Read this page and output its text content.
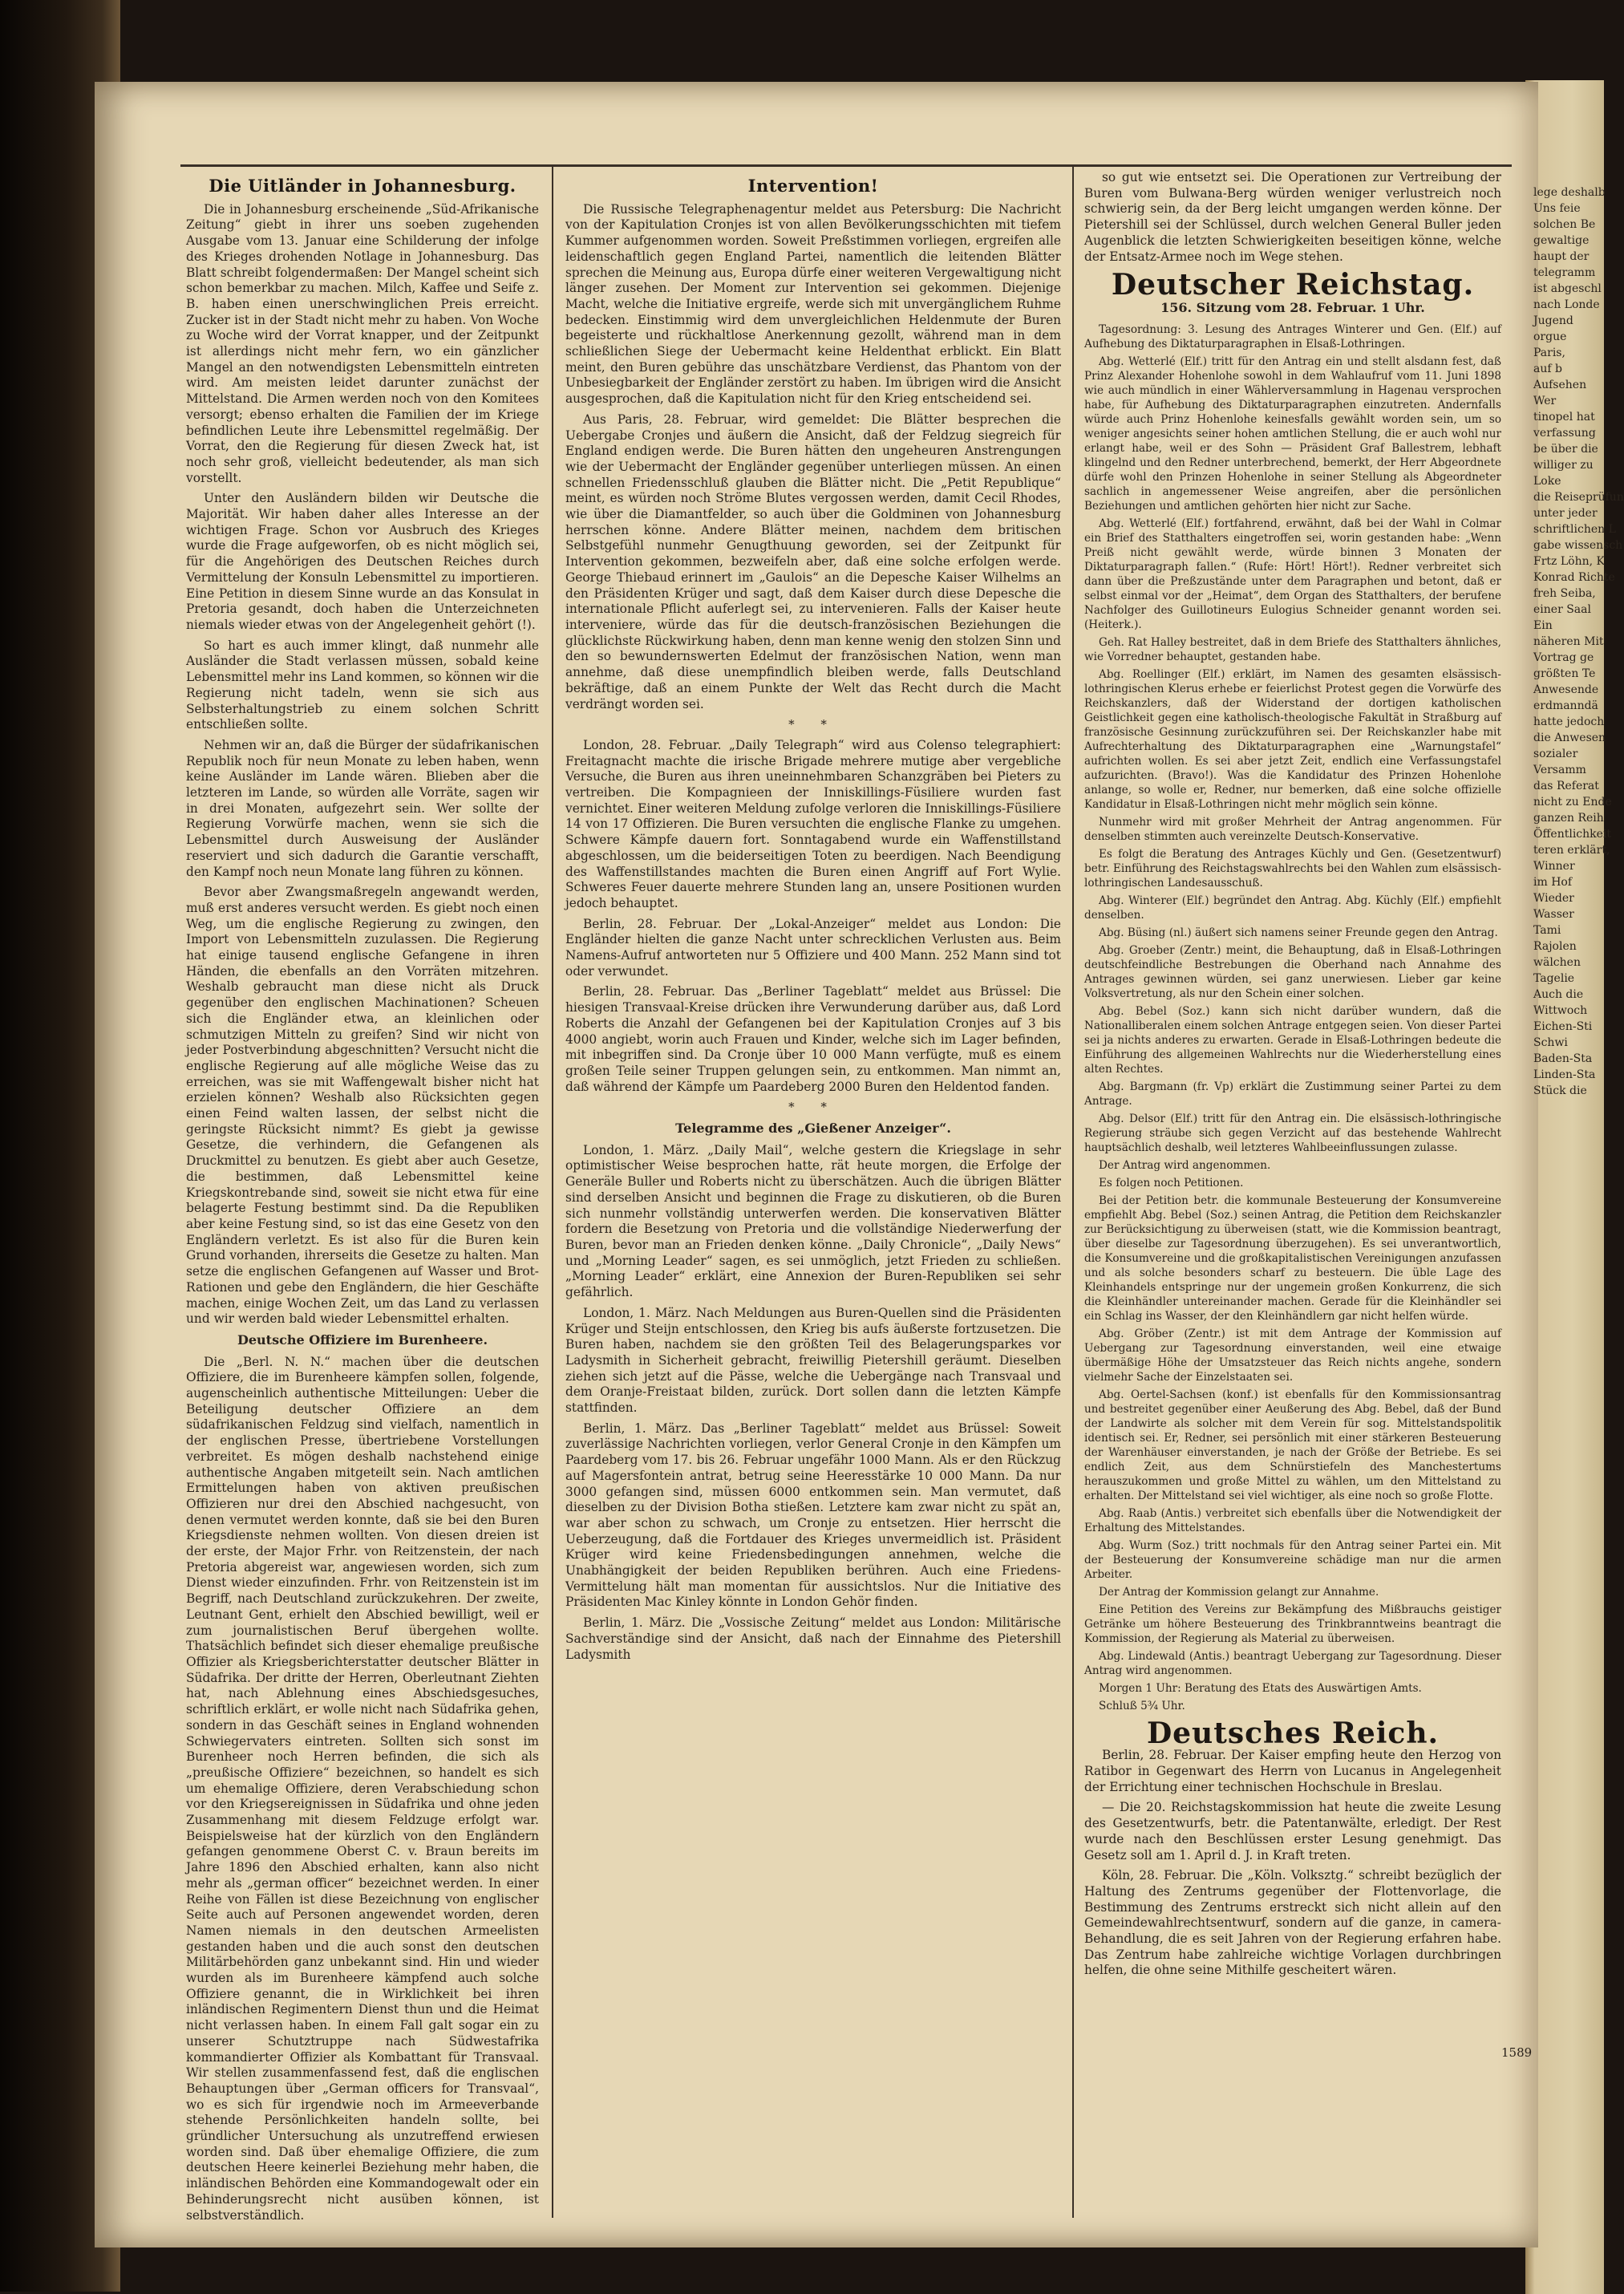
Die Uitländer in Johannesburg.

Die in Johannesburg erscheinende „Süd-Afrikanische Zeitung“ giebt in ihrer uns soeben zugehenden Ausgabe vom 13. Januar eine Schilderung der infolge des Krieges drohenden Notlage in Johannesburg. Das Blatt schreibt folgendermaßen: Der Mangel scheint sich schon bemerkbar zu machen. Milch, Kaffee und Seife z. B. haben einen unerschwinglichen Preis erreicht. Zucker ist in der Stadt nicht mehr zu haben. Von Woche zu Woche wird der Vorrat knapper, und der Zeitpunkt ist allerdings nicht mehr fern, wo ein gänzlicher Mangel an den notwendigsten Lebensmitteln eintreten wird. Am meisten leidet darunter zunächst der Mittelstand. Die Armen werden noch von den Komitees versorgt; ebenso erhalten die Familien der im Kriege befindlichen Leute ihre Lebensmittel regelmäßig. Der Vorrat, den die Regierung für diesen Zweck hat, ist noch sehr groß, vielleicht bedeutender, als man sich vorstellt.

Unter den Ausländern bilden wir Deutsche die Majorität. Wir haben daher alles Interesse an der wichtigen Frage. Schon vor Ausbruch des Krieges wurde die Frage aufgeworfen, ob es nicht möglich sei, für die Angehörigen des Deutschen Reiches durch Vermittelung der Konsuln Lebensmittel zu importieren. Eine Petition in diesem Sinne wurde an das Konsulat in Pretoria gesandt, doch haben die Unterzeichneten niemals wieder etwas von der Angelegenheit gehört (!).

So hart es auch immer klingt, daß nunmehr alle Ausländer die Stadt verlassen müssen, sobald keine Lebensmittel mehr ins Land kommen, so können wir die Regierung nicht tadeln, wenn sie sich aus Selbsterhaltungstrieb zu einem solchen Schritt entschließen sollte.

Nehmen wir an, daß die Bürger der südafrikanischen Republik noch für neun Monate zu leben haben, wenn keine Ausländer im Lande wären. Blieben aber die letzteren im Lande, so würden alle Vorräte, sagen wir in drei Monaten, aufgezehrt sein. Wer sollte der Regierung Vorwürfe machen, wenn sie sich die Lebensmittel durch Ausweisung der Ausländer reserviert und sich dadurch die Garantie verschafft, den Kampf noch neun Monate lang führen zu können.

Bevor aber Zwangsmaßregeln angewandt werden, muß erst anderes versucht werden. Es giebt noch einen Weg, um die englische Regierung zu zwingen, den Import von Lebensmitteln zuzulassen. Die Regierung hat einige tausend englische Gefangene in ihren Händen, die ebenfalls an den Vorräten mitzehren. Weshalb gebraucht man diese nicht als Druck gegenüber den englischen Machinationen? Scheuen sich die Engländer etwa, an kleinlichen oder schmutzigen Mitteln zu greifen? Sind wir nicht von jeder Postverbindung abgeschnitten? Versucht nicht die englische Regierung auf alle mögliche Weise das zu erreichen, was sie mit Waffengewalt bisher nicht hat erzielen können? Weshalb also Rücksichten gegen einen Feind walten lassen, der selbst nicht die geringste Rücksicht nimmt? Es giebt ja gewisse Gesetze, die verhindern, die Gefangenen als Druckmittel zu benutzen. Es giebt aber auch Gesetze, die bestimmen, daß Lebensmittel keine Kriegskontrebande sind, soweit sie nicht etwa für eine belagerte Festung bestimmt sind. Da die Republiken aber keine Festung sind, so ist das eine Gesetz von den Engländern verletzt. Es ist also für die Buren kein Grund vorhanden, ihrerseits die Gesetze zu halten. Man setze die englischen Gefangenen auf Wasser und Brot-Rationen und gebe den Engländern, die hier Geschäfte machen, einige Wochen Zeit, um das Land zu verlassen und wir werden bald wieder Lebensmittel erhalten.

Deutsche Offiziere im Burenheere.

Die „Berl. N. N.“ machen über die deutschen Offiziere, die im Burenheere kämpfen sollen, folgende, augenscheinlich authentische Mitteilungen: Ueber die Beteiligung deutscher Offiziere an dem südafrikanischen Feldzug sind vielfach, namentlich in der englischen Presse, übertriebene Vorstellungen verbreitet. Es mögen deshalb nachstehend einige authentische Angaben mitgeteilt sein. Nach amtlichen Ermittelungen haben von aktiven preußischen Offizieren nur drei den Abschied nachgesucht, von denen vermutet werden konnte, daß sie bei den Buren Kriegsdienste nehmen wollten. Von diesen dreien ist der erste, der Major Frhr. von Reitzenstein, der nach Pretoria abgereist war, angewiesen worden, sich zum Dienst wieder einzufinden. Frhr. von Reitzenstein ist im Begriff, nach Deutschland zurückzukehren. Der zweite, Leutnant Gent, erhielt den Abschied bewilligt, weil er zum journalistischen Beruf übergehen wollte. Thatsächlich befindet sich dieser ehemalige preußische Offizier als Kriegsberichterstatter deutscher Blätter in Südafrika. Der dritte der Herren, Oberleutnant Ziehten hat, nach Ablehnung eines Abschiedsgesuches, schriftlich erklärt, er wolle nicht nach Südafrika gehen, sondern in das Geschäft seines in England wohnenden Schwiegervaters eintreten. Sollten sich sonst im Burenheer noch Herren befinden, die sich als „preußische Offiziere“ bezeichnen, so handelt es sich um ehemalige Offiziere, deren Verabschiedung schon vor den Kriegsereignissen in Südafrika und ohne jeden Zusammenhang mit diesem Feldzuge erfolgt war. Beispielsweise hat der kürzlich von den Engländern gefangen genommene Oberst C. v. Braun bereits im Jahre 1896 den Abschied erhalten, kann also nicht mehr als „german officer“ bezeichnet werden. In einer Reihe von Fällen ist diese Bezeichnung von englischer Seite auch auf Personen angewendet worden, deren Namen niemals in den deutschen Armeelisten gestanden haben und die auch sonst den deutschen Militärbehörden ganz unbekannt sind. Hin und wieder wurden als im Burenheere kämpfend auch solche Offiziere genannt, die in Wirklichkeit bei ihren inländischen Regimentern Dienst thun und die Heimat nicht verlassen haben. In einem Fall galt sogar ein zu unserer Schutztruppe nach Südwestafrika kommandierter Offizier als Kombattant für Transvaal. Wir stellen zusammenfassend fest, daß die englischen Behauptungen über „German officers for Transvaal“, wo es sich für irgendwie noch im Armeeverbande stehende Persönlichkeiten handeln sollte, bei gründlicher Untersuchung als unzutreffend erwiesen worden sind. Daß über ehemalige Offiziere, die zum deutschen Heere keinerlei Beziehung mehr haben, die inländischen Behörden eine Kommandogewalt oder ein Behinderungsrecht nicht ausüben können, ist selbstverständlich.

Intervention!

Die Russische Telegraphenagentur meldet aus Petersburg: Die Nachricht von der Kapitulation Cronjes ist von allen Bevölkerungsschichten mit tiefem Kummer aufgenommen worden. Soweit Preßstimmen vorliegen, ergreifen alle leidenschaftlich gegen England Partei, namentlich die leitenden Blätter sprechen die Meinung aus, Europa dürfe einer weiteren Vergewaltigung nicht länger zusehen. Der Moment zur Intervention sei gekommen. Diejenige Macht, welche die Initiative ergreife, werde sich mit unvergänglichem Ruhme bedecken. Einstimmig wird dem unvergleichlichen Heldenmute der Buren begeisterte und rückhaltlose Anerkennung gezollt, während man in dem schließlichen Siege der Uebermacht keine Heldenthat erblickt. Ein Blatt meint, den Buren gebühre das unschätzbare Verdienst, das Phantom von der Unbesiegbarkeit der Engländer zerstört zu haben. Im übrigen wird die Ansicht ausgesprochen, daß die Kapitulation nicht für den Krieg entscheidend sei.

Aus Paris, 28. Februar, wird gemeldet: Die Blätter besprechen die Uebergabe Cronjes und äußern die Ansicht, daß der Feldzug siegreich für England endigen werde. Die Buren hätten den ungeheuren Anstrengungen wie der Uebermacht der Engländer gegenüber unterliegen müssen. An einen schnellen Friedensschluß glauben die Blätter nicht. Die „Petit Republique“ meint, es würden noch Ströme Blutes vergossen werden, damit Cecil Rhodes, wie über die Diamantfelder, so auch über die Goldminen von Johannesburg herrschen könne. Andere Blätter meinen, nachdem dem britischen Selbstgefühl nunmehr Genugthuung geworden, sei der Zeitpunkt für Intervention gekommen, bezweifeln aber, daß eine solche erfolgen werde. George Thiebaud erinnert im „Gaulois“ an die Depesche Kaiser Wilhelms an den Präsidenten Krüger und sagt, daß dem Kaiser durch diese Depesche die internationale Pflicht auferlegt sei, zu intervenieren. Falls der Kaiser heute interveniere, würde das für die deutsch-französischen Beziehungen die glücklichste Rückwirkung haben, denn man kenne wenig den stolzen Sinn und den so bewundernswerten Edelmut der französischen Nation, wenn man annehme, daß diese unempfindlich bleiben werde, falls Deutschland bekräftige, daß an einem Punkte der Welt das Recht durch die Macht verdrängt worden sei.

* *

London, 28. Februar. „Daily Telegraph“ wird aus Colenso telegraphiert: Freitagnacht machte die irische Brigade mehrere mutige aber vergebliche Versuche, die Buren aus ihren uneinnehmbaren Schanzgräben bei Pieters zu vertreiben. Die Kompagnieen der Inniskillings-Füsiliere wurden fast vernichtet. Einer weiteren Meldung zufolge verloren die Inniskillings-Füsiliere 14 von 17 Offizieren. Die Buren versuchten die englische Flanke zu umgehen. Schwere Kämpfe dauern fort. Sonntagabend wurde ein Waffenstillstand abgeschlossen, um die beiderseitigen Toten zu beerdigen. Nach Beendigung des Waffenstillstandes machten die Buren einen Angriff auf Fort Wylie. Schweres Feuer dauerte mehrere Stunden lang an, unsere Positionen wurden jedoch behauptet.

Berlin, 28. Februar. Der „Lokal-Anzeiger“ meldet aus London: Die Engländer hielten die ganze Nacht unter schrecklichen Verlusten aus. Beim Namens-Aufruf antworteten nur 5 Offiziere und 400 Mann. 252 Mann sind tot oder verwundet.

Berlin, 28. Februar. Das „Berliner Tageblatt“ meldet aus Brüssel: Die hiesigen Transvaal-Kreise drücken ihre Verwunderung darüber aus, daß Lord Roberts die Anzahl der Gefangenen bei der Kapitulation Cronjes auf 3 bis 4000 angiebt, worin auch Frauen und Kinder, welche sich im Lager befinden, mit inbegriffen sind. Da Cronje über 10 000 Mann verfügte, muß es einem großen Teile seiner Truppen gelungen sein, zu entkommen. Man nimmt an, daß während der Kämpfe um Paardeberg 2000 Buren den Heldentod fanden.

* *
Telegramme des „Gießener Anzeiger“.

London, 1. März. „Daily Mail“, welche gestern die Kriegslage in sehr optimistischer Weise besprochen hatte, rät heute morgen, die Erfolge der Generäle Buller und Roberts nicht zu überschätzen. Auch die übrigen Blätter sind derselben Ansicht und beginnen die Frage zu diskutieren, ob die Buren sich nunmehr vollständig unterwerfen werden. Die konservativen Blätter fordern die Besetzung von Pretoria und die vollständige Niederwerfung der Buren, bevor man an Frieden denken könne. „Daily Chronicle“, „Daily News“ und „Morning Leader“ sagen, es sei unmöglich, jetzt Frieden zu schließen. „Morning Leader“ erklärt, eine Annexion der Buren-Republiken sei sehr gefährlich.

London, 1. März. Nach Meldungen aus Buren-Quellen sind die Präsidenten Krüger und Steijn entschlossen, den Krieg bis aufs äußerste fortzusetzen. Die Buren haben, nachdem sie den größten Teil des Belagerungsparkes vor Ladysmith in Sicherheit gebracht, freiwillig Pietershill geräumt. Dieselben ziehen sich jetzt auf die Pässe, welche die Uebergänge nach Transvaal und dem Oranje-Freistaat bilden, zurück. Dort sollen dann die letzten Kämpfe stattfinden.

Berlin, 1. März. Das „Berliner Tageblatt“ meldet aus Brüssel: Soweit zuverlässige Nachrichten vorliegen, verlor General Cronje in den Kämpfen um Paardeberg vom 17. bis 26. Februar ungefähr 1000 Mann. Als er den Rückzug auf Magersfontein antrat, betrug seine Heeresstärke 10 000 Mann. Da nur 3000 gefangen sind, müssen 6000 entkommen sein. Man vermutet, daß dieselben zu der Division Botha stießen. Letztere kam zwar nicht zu spät an, war aber schon zu schwach, um Cronje zu entsetzen. Hier herrscht die Ueberzeugung, daß die Fortdauer des Krieges unvermeidlich ist. Präsident Krüger wird keine Friedensbedingungen annehmen, welche die Unabhängigkeit der beiden Republiken berühren. Auch eine Friedens-Vermittelung hält man momentan für aussichtslos. Nur die Initiative des Präsidenten Mac Kinley könnte in London Gehör finden.

Berlin, 1. März. Die „Vossische Zeitung“ meldet aus London: Militärische Sachverständige sind der Ansicht, daß nach der Einnahme des Pietershill Ladysmith

so gut wie entsetzt sei. Die Operationen zur Vertreibung der Buren vom Bulwana-Berg würden weniger verlustreich noch schwierig sein, da der Berg leicht umgangen werden könne. Der Pietershill sei der Schlüssel, durch welchen General Buller jeden Augenblick die letzten Schwierigkeiten beseitigen könne, welche der Entsatz-Armee noch im Wege stehen.

Deutscher Reichstag.
156. Sitzung vom 28. Februar. 1 Uhr.

Tagesordnung: 3. Lesung des Antrages Winterer und Gen. (Elf.) auf Aufhebung des Diktaturparagraphen in Elsaß-Lothringen.

Abg. Wetterlé (Elf.) tritt für den Antrag ein und stellt alsdann fest, daß Prinz Alexander Hohenlohe sowohl in dem Wahlaufruf vom 11. Juni 1898 wie auch mündlich in einer Wählerversammlung in Hagenau versprochen habe, für Aufhebung des Diktaturparagraphen einzutreten. Andernfalls würde auch Prinz Hohenlohe keinesfalls gewählt worden sein, um so weniger angesichts seiner hohen amtlichen Stellung, die er auch wohl nur erlangt habe, weil er des Sohn — Präsident Graf Ballestrem, lebhaft klingelnd und den Redner unterbrechend, bemerkt, der Herr Abgeordnete dürfe wohl den Prinzen Hohenlohe in seiner Stellung als Abgeordneter sachlich in angemessener Weise angreifen, aber die persönlichen Beziehungen und amtlichen gehörten hier nicht zur Sache.

Abg. Wetterlé (Elf.) fortfahrend, erwähnt, daß bei der Wahl in Colmar ein Brief des Statthalters eingetroffen sei, worin gestanden habe: „Wenn Preiß nicht gewählt werde, würde binnen 3 Monaten der Diktaturparagraph fallen.“ (Rufe: Hört! Hört!). Redner verbreitet sich dann über die Preßzustände unter dem Paragraphen und betont, daß er selbst einmal vor der „Heimat“, dem Organ des Statthalters, der berufene Nachfolger des Guillotineurs Eulogius Schneider genannt worden sei. (Heiterk.).

Geh. Rat Halley bestreitet, daß in dem Briefe des Statthalters ähnliches, wie Vorredner behauptet, gestanden habe.

Abg. Roellinger (Elf.) erklärt, im Namen des gesamten elsässisch-lothringischen Klerus erhebe er feierlichst Protest gegen die Vorwürfe des Reichskanzlers, daß der Widerstand der dortigen katholischen Geistlichkeit gegen eine katholisch-theologische Fakultät in Straßburg auf französische Gesinnung zurückzuführen sei. Der Reichskanzler habe mit Aufrechterhaltung des Diktaturparagraphen eine „Warnungstafel“ aufrichten wollen. Es sei aber jetzt Zeit, endlich eine Verfassungstafel aufzurichten. (Bravo!). Was die Kandidatur des Prinzen Hohenlohe anlange, so wolle er, Redner, nur bemerken, daß eine solche offizielle Kandidatur in Elsaß-Lothringen nicht mehr möglich sein könne.

Nunmehr wird mit großer Mehrheit der Antrag angenommen. Für denselben stimmten auch vereinzelte Deutsch-Konservative.

Es folgt die Beratung des Antrages Küchly und Gen. (Gesetzentwurf) betr. Einführung des Reichstagswahlrechts bei den Wahlen zum elsässisch-lothringischen Landesausschuß.

Abg. Winterer (Elf.) begründet den Antrag. Abg. Küchly (Elf.) empfiehlt denselben.

Abg. Büsing (nl.) äußert sich namens seiner Freunde gegen den Antrag.

Abg. Groeber (Zentr.) meint, die Behauptung, daß in Elsaß-Lothringen deutschfeindliche Bestrebungen die Oberhand nach Annahme des Antrages gewinnen würden, sei ganz unerwiesen. Lieber gar keine Volksvertretung, als nur den Schein einer solchen.

Abg. Bebel (Soz.) kann sich nicht darüber wundern, daß die Nationalliberalen einem solchen Antrage entgegen seien. Von dieser Partei sei ja nichts anderes zu erwarten. Gerade in Elsaß-Lothringen bedeute die Einführung des allgemeinen Wahlrechts nur die Wiederherstellung eines alten Rechtes.

Abg. Bargmann (fr. Vp) erklärt die Zustimmung seiner Partei zu dem Antrage.

Abg. Delsor (Elf.) tritt für den Antrag ein. Die elsässisch-lothringische Regierung sträube sich gegen Verzicht auf das bestehende Wahlrecht hauptsächlich deshalb, weil letzteres Wahlbeeinflussungen zulasse.

Der Antrag wird angenommen.

Es folgen noch Petitionen.

Bei der Petition betr. die kommunale Besteuerung der Konsumvereine empfiehlt Abg. Bebel (Soz.) seinen Antrag, die Petition dem Reichskanzler zur Berücksichtigung zu überweisen (statt, wie die Kommission beantragt, über dieselbe zur Tagesordnung überzugehen). Es sei unverantwortlich, die Konsumvereine und die großkapitalistischen Vereinigungen anzufassen und als solche besonders scharf zu besteuern. Die üble Lage des Kleinhandels entspringe nur der ungemein großen Konkurrenz, die sich die Kleinhändler untereinander machen. Gerade für die Kleinhändler sei ein Schlag ins Wasser, der den Kleinhändlern gar nicht helfen würde.

Abg. Gröber (Zentr.) ist mit dem Antrage der Kommission auf Uebergang zur Tagesordnung einverstanden, weil eine etwaige übermäßige Höhe der Umsatzsteuer das Reich nichts angehe, sondern vielmehr Sache der Einzelstaaten sei.

Abg. Oertel-Sachsen (konf.) ist ebenfalls für den Kommissionsantrag und bestreitet gegenüber einer Aeußerung des Abg. Bebel, daß der Bund der Landwirte als solcher mit dem Verein für sog. Mittelstandspolitik identisch sei. Er, Redner, sei persönlich mit einer stärkeren Besteuerung der Warenhäuser einverstanden, je nach der Größe der Betriebe. Es sei endlich Zeit, aus dem Schnürstiefeln des Manchestertums herauszukommen und große Mittel zu wählen, um den Mittelstand zu erhalten. Der Mittelstand sei viel wichtiger, als eine noch so große Flotte.

Abg. Raab (Antis.) verbreitet sich ebenfalls über die Notwendigkeit der Erhaltung des Mittelstandes.

Abg. Wurm (Soz.) tritt nochmals für den Antrag seiner Partei ein. Mit der Besteuerung der Konsumvereine schädige man nur die armen Arbeiter.

Der Antrag der Kommission gelangt zur Annahme.

Eine Petition des Vereins zur Bekämpfung des Mißbrauchs geistiger Getränke um höhere Besteuerung des Trinkbranntweins beantragt die Kommission, der Regierung als Material zu überweisen.

Abg. Lindewald (Antis.) beantragt Uebergang zur Tagesordnung. Dieser Antrag wird angenommen.

Morgen 1 Uhr: Beratung des Etats des Auswärtigen Amts.

Schluß 5¾ Uhr.

Deutsches Reich.

Berlin, 28. Februar. Der Kaiser empfing heute den Herzog von Ratibor in Gegenwart des Herrn von Lucanus in Angelegenheit der Errichtung einer technischen Hochschule in Breslau.

— Die 20. Reichstagskommission hat heute die zweite Lesung des Gesetzentwurfs, betr. die Patentanwälte, erledigt. Der Rest wurde nach den Beschlüssen erster Lesung genehmigt. Das Gesetz soll am 1. April d. J. in Kraft treten.

Köln, 28. Februar. Die „Köln. Volksztg.“ schreibt bezüglich der Haltung des Zentrums gegenüber der Flottenvorlage, die Bestimmung des Zentrums erstreckt sich nicht allein auf den Gemeindewahlrechtsentwurf, sondern auf die ganze, in camera-Behandlung, die es seit Jahren von der Regierung erfahren habe. Das Zentrum habe zahlreiche wichtige Vorlagen durchbringen helfen, die ohne seine Mithilfe gescheitert wären.

1589
lege deshalb
Uns feie
solchen Be
gewaltige
haupt der
telegramm
ist abgeschl
nach Londe
Jugend
orgue
Paris,
auf b
Aufsehen
Wer
tinopel hat
verfassung
be über die
williger zu
Loke
die Reiseprüfun
unter jeder
schriftlichen L
gabe wissensch
Frtz Löhn, K
Konrad Richte
freh Seiba,
einer Saal
Ein
näheren Mit
Vortrag ge
größten Te
Anwesende
erdmanndä
hatte jedoch
die Anwesen
sozialer
Versamm
das Referat
nicht zu Ende
ganzen Reih
Öffentlichkeit
teren erklärt,
Winner
im Hof
Wieder
Wasser
Tami
Rajolen
wälchen
Tagelie
Auch die
Wittwoch
Eichen-Sti
Schwi
Baden-Sta
Linden-Sta
Stück die
